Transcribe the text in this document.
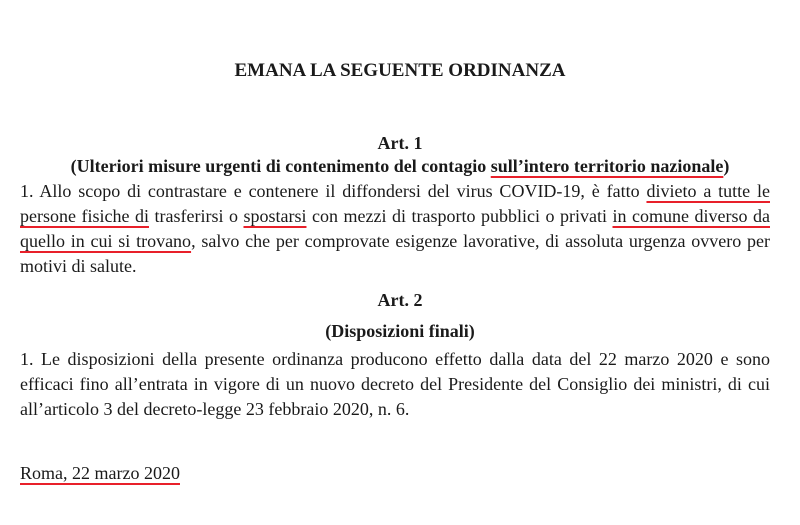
EMANA LA SEGUENTE ORDINANZA
Art. 1
(Ulteriori misure urgenti di contenimento del contagio sull’intero territorio nazionale)
1. Allo scopo di contrastare e contenere il diffondersi del virus COVID-19, è fatto divieto a tutte le
persone fisiche di trasferirsi o spostarsi con mezzi di trasporto pubblici o privati in comune diverso da
quello in cui si trovano, salvo che per comprovate esigenze lavorative, di assoluta urgenza ovvero per
motivi di salute.
Art. 2
(Disposizioni finali)
1. Le disposizioni della presente ordinanza producono effetto dalla data del 22 marzo 2020 e sono
efficaci fino all’entrata in vigore di un nuovo decreto del Presidente del Consiglio dei ministri, di cui
all’articolo 3 del decreto-legge 23 febbraio 2020, n. 6.
Roma, 22 marzo 2020
